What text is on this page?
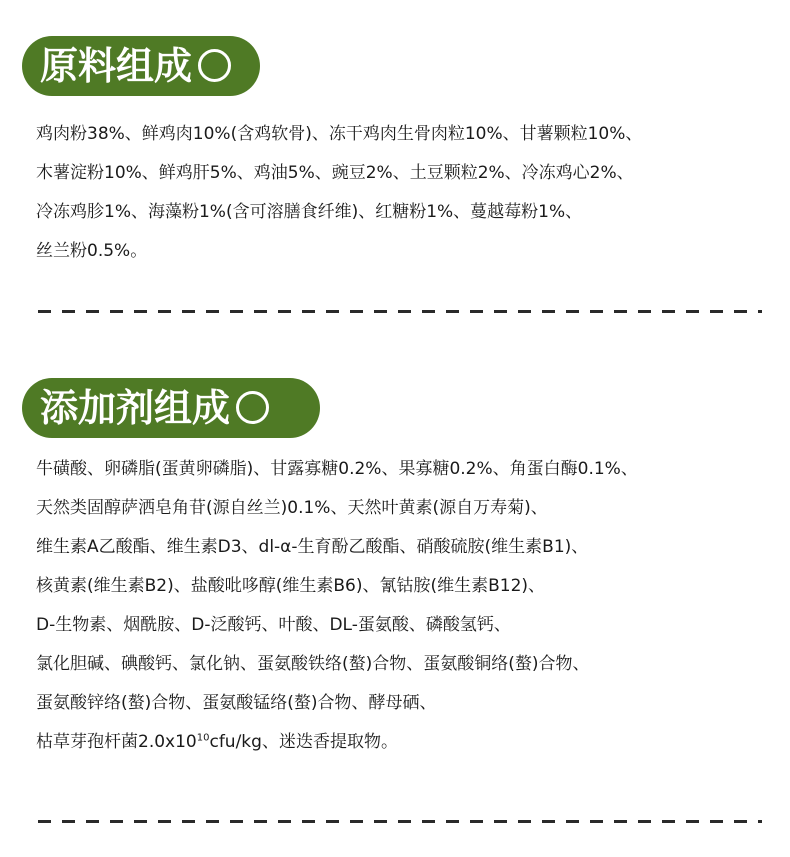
原料组成
鸡肉粉38%、鲜鸡肉10%(含鸡软骨)、冻干鸡肉生骨肉粒10%、甘薯颗粒10%、
木薯淀粉10%、鲜鸡肝5%、鸡油5%、豌豆2%、土豆颗粒2%、冷冻鸡心2%、
冷冻鸡胗1%、海藻粉1%(含可溶膳食纤维)、红糖粉1%、蔓越莓粉1%、
丝兰粉0.5%。
添加剂组成
牛磺酸、卵磷脂(蛋黄卵磷脂)、甘露寡糖0.2%、果寡糖0.2%、角蛋白酶0.1%、
天然类固醇萨洒皂角苷(源自丝兰)0.1%、天然叶黄素(源自万寿菊)、
维生素A乙酸酯、维生素D3、dl-α-生育酚乙酸酯、硝酸硫胺(维生素B1)、
核黄素(维生素B2)、盐酸吡哆醇(维生素B6)、氰钴胺(维生素B12)、
D-生物素、烟酰胺、D-泛酸钙、叶酸、DL-蛋氨酸、磷酸氢钙、
氯化胆碱、碘酸钙、氯化钠、蛋氨酸铁络(螯)合物、蛋氨酸铜络(螯)合物、
蛋氨酸锌络(螯)合物、蛋氨酸锰络(螯)合物、酵母硒、
枯草芽孢杆菌$2.0x10^{10}cfu/kg$、迷迭香提取物。
